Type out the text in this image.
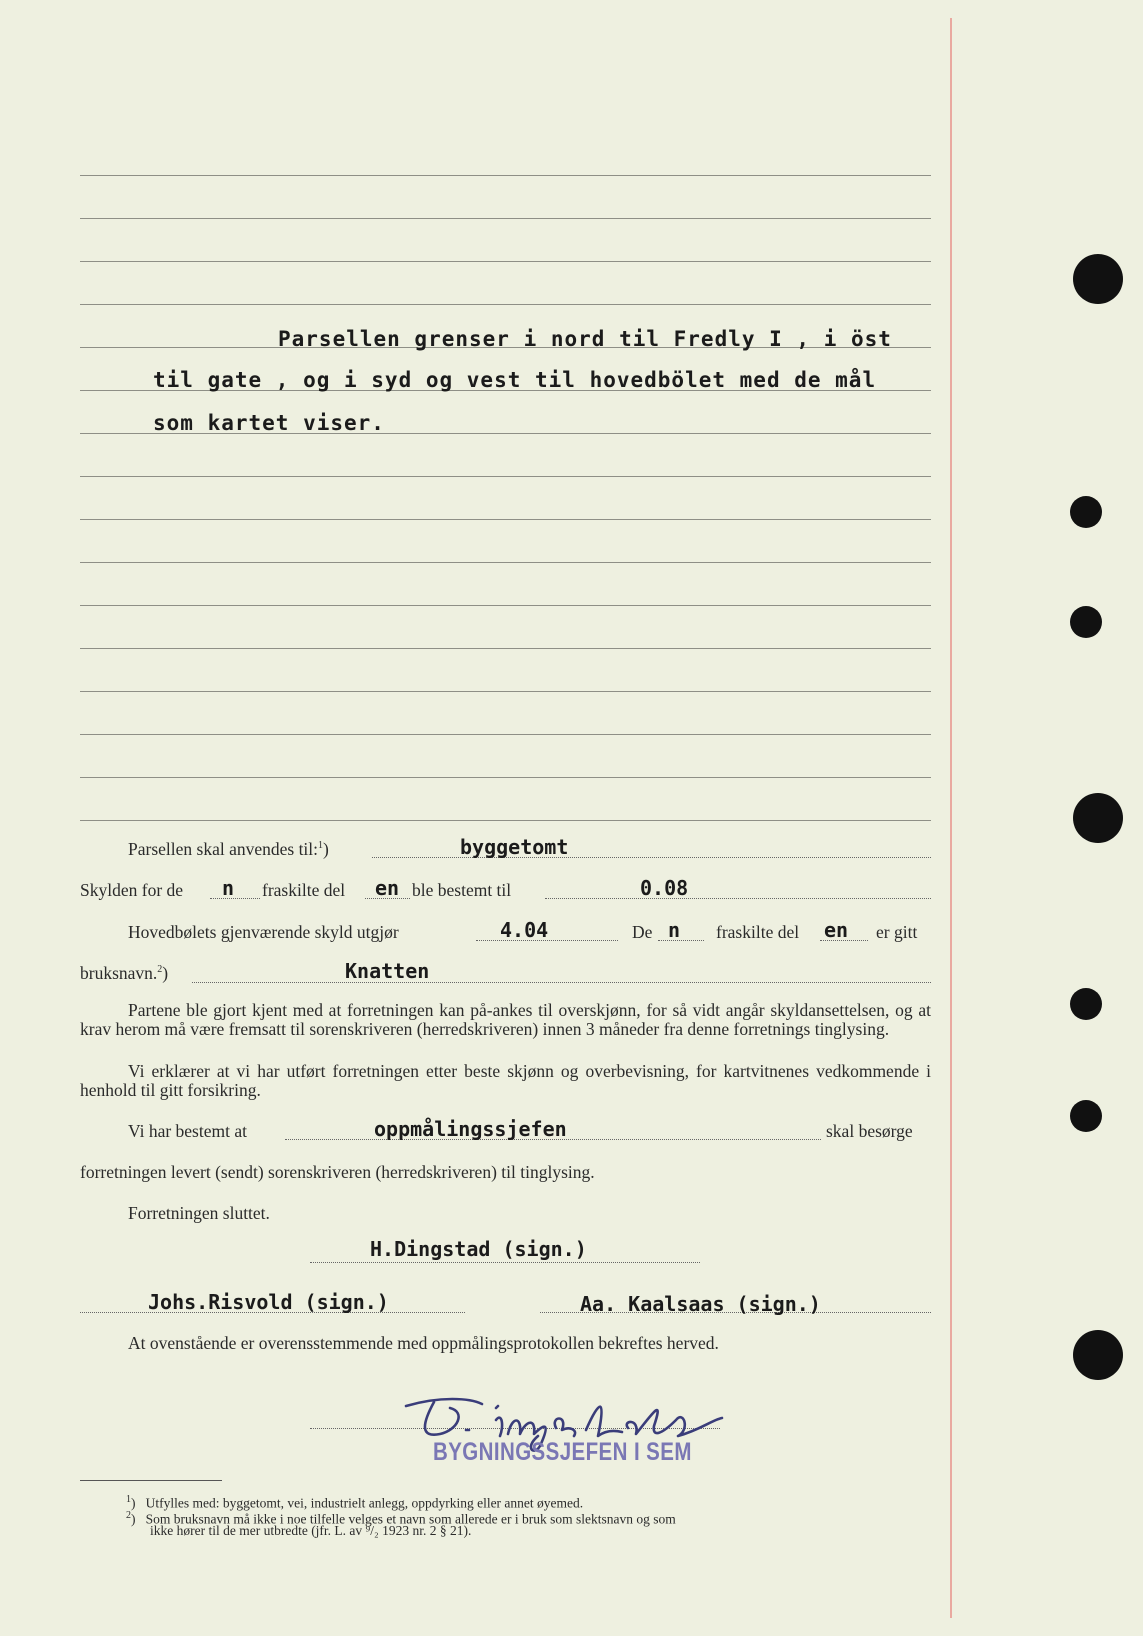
Parsellen grenser i nord til Fredly I , i öst
til gate , og i syd og vest til hovedbölet med de mål
som kartet viser.
Parsellen skal anvendes til:$^1$)	byggetomt
Skylden for de n fraskilte del en ble bestemt til	0.08
Hovedbølets gjenværende skyld utgjør	4.04	De n fraskilte del en er gitt
bruksnavn.$^2$)	Knatten
Partene ble gjort kjent med at forretningen kan på-ankes til overskjønn, for så vidt angår skyldansettelsen, og at krav herom må være fremsatt til sorenskriveren (herredskriveren) innen 3 måneder fra denne forretnings tinglysing.
Vi erklærer at vi har utført forretningen etter beste skjønn og overbevisning, for kartvitnenes vedkommende i henhold til gitt forsikring.
Vi har bestemt at	oppmålingssjefen	skal besørge
forretningen levert (sendt) sorenskriveren (herredskriveren) til tinglysing.
Forretningen sluttet.
H.Dingstad (sign.)
Johs.Risvold (sign.)	Aa. Kaalsaas (sign.)
At ovenstående er overensstemmende med oppmålingsprotokollen bekreftes herved.
BYGNINGSSJEFEN I SEM
$^1$)   Utfylles med: byggetomt, vei, industrielt anlegg, oppdyrking eller annet øyemed.
$^2$)   Som bruksnavn må ikke i noe tilfelle velges et navn som allerede er i bruk som slektsnavn og som
ikke hører til de mer utbredte (jfr. L. av ⁹/₂ 1923 nr. 2 § 21).
